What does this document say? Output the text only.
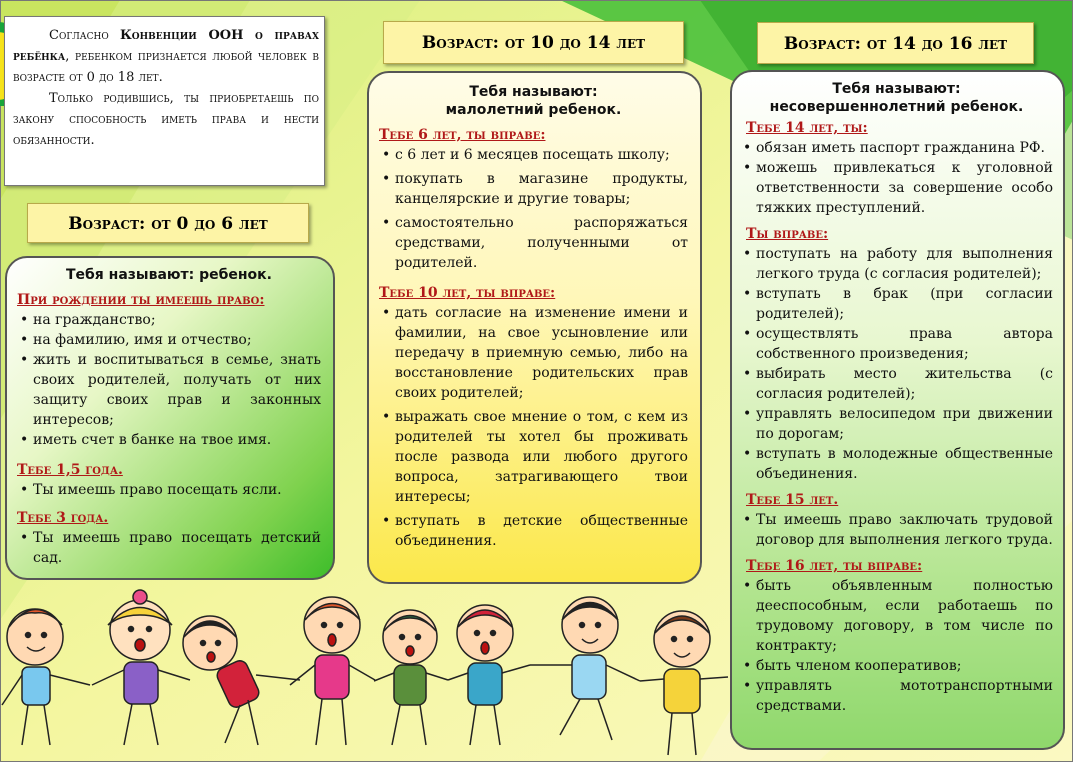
Согласно Конвенции ООН о правах ребёнка, ребенком признается любой человек в возрасте от 0 до 18 лет.

Только родившись, ты приобретаешь по закону способность иметь права и нести обязанности.

Возраст: от 0 до 6 лет
Возраст: от 10 до 14 лет	Возраст: от 14 до 16 лет
Тебя называют: ребенок.
При рождении ты имеешь право:
• на гражданство;
• на фамилию, имя и отчество;
• жить и воспитываться в семье, знать своих родителей, получать от них защиту своих прав и законных интересов;
• иметь счет в банке на твое имя.
Тебе 1,5 года.
• Ты имеешь право посещать ясли.
Тебе 3 года.
• Ты имеешь право посещать детский сад.
Тебя называют:
малолетний ребенок.
Тебе 6 лет, ты вправе:
• с 6 лет и 6 месяцев посещать школу;
• покупать в магазине продукты, канцелярские и другие товары;
• самостоятельно распоряжаться средствами, полученными от родителей.
Тебе 10 лет, ты вправе:
• дать согласие на изменение имени и фамилии, на свое усыновление или передачу в приемную семью, либо на восстановление родительских прав своих родителей;
• выражать свое мнение о том, с кем из родителей ты хотел бы проживать после развода или любого другого вопроса, затрагивающего твои интересы;
• вступать в детские общественные объединения.
Тебя называют:
несовершеннолетний ребенок.
Тебе 14 лет, ты:
• обязан иметь паспорт гражданина РФ.
• можешь привлекаться к уголовной ответственности за совершение особо тяжких преступлений.
Ты вправе:
• поступать на работу для выполнения легкого труда (с согласия родителей);
• вступать в брак (при согласии родителей);
• осуществлять права автора собственного произведения;
• выбирать место жительства (с согласия родителей);
• управлять велосипедом при движении по дорогам;
• вступать в молодежные общественные объединения.
Тебе 15 лет.
• Ты имеешь право заключать трудовой договор для выполнения легкого труда.
Тебе 16 лет, ты вправе:
• быть объявленным полностью дееспособным, если работаешь по трудовому договору, в том числе по контракту;
• быть членом кооперативов;
• управлять мототранспортными средствами.
